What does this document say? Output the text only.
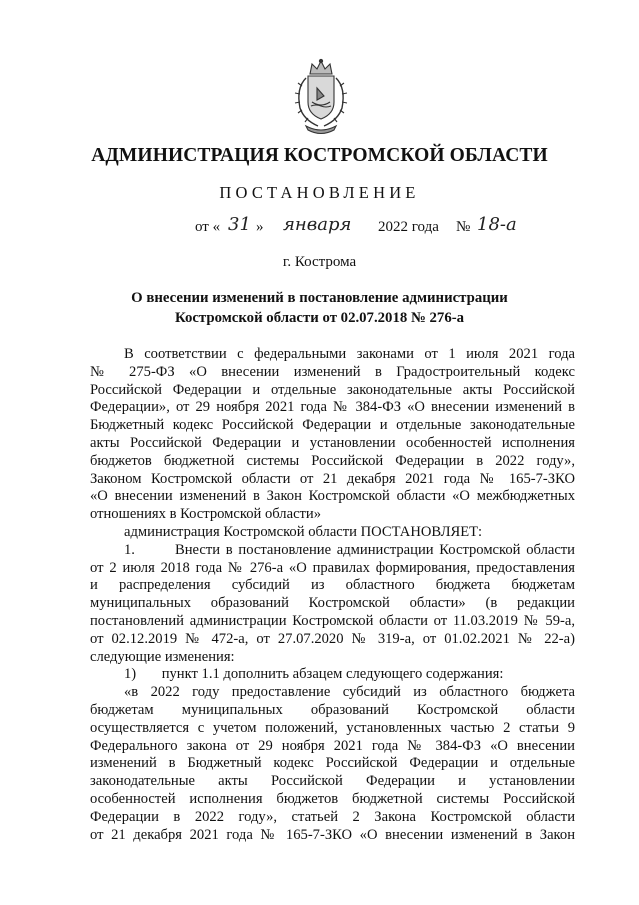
АДМИНИСТРАЦИЯ КОСТРОМСКОЙ ОБЛАСТИ
ПОСТАНОВЛЕНИЕ
от « 31 » января 2022 года № 18-а
г. Кострома
О внесении изменений в постановление администрации
Костромской области от 02.07.2018 № 276-а

В соответствии с федеральными законами от 1 июля 2021 года

№ 275-ФЗ «О внесении изменений в Градостроительный кодекс

Российской Федерации и отдельные законодательные акты Российской

Федерации», от 29 ноября 2021 года № 384-ФЗ «О внесении изменений в

Бюджетный кодекс Российской Федерации и отдельные законодательные

акты Российской Федерации и установлении особенностей исполнения

бюджетов бюджетной системы Российской Федерации в 2022 году»,

Законом Костромской области от 21 декабря 2021 года № 165-7-ЗКО

«О внесении изменений в Закон Костромской области «О межбюджетных

отношениях в Костромской области»

администрация Костромской области ПОСТАНОВЛЯЕТ:

1.       Внести в постановление администрации Костромской области

от 2 июля 2018 года № 276-а «О правилах формирования, предоставления

и распределения субсидий из областного бюджета бюджетам

муниципальных образований Костромской области» (в редакции

постановлений администрации Костромской области от 11.03.2019 № 59-а,

от 02.12.2019 № 472-а, от 27.07.2020 № 319-а, от 01.02.2021 № 22-а)

следующие изменения:

1)       пункт 1.1 дополнить абзацем следующего содержания:

«в 2022 году предоставление субсидий из областного бюджета

бюджетам муниципальных образований Костромской области

осуществляется с учетом положений, установленных частью 2 статьи 9

Федерального закона от 29 ноября 2021 года № 384-ФЗ «О внесении

изменений в Бюджетный кодекс Российской Федерации и отдельные

законодательные акты Российской Федерации и установлении

особенностей исполнения бюджетов бюджетной системы Российской

Федерации в 2022 году», статьей 2 Закона Костромской области

от 21 декабря 2021 года № 165-7-ЗКО «О внесении изменений в Закон
